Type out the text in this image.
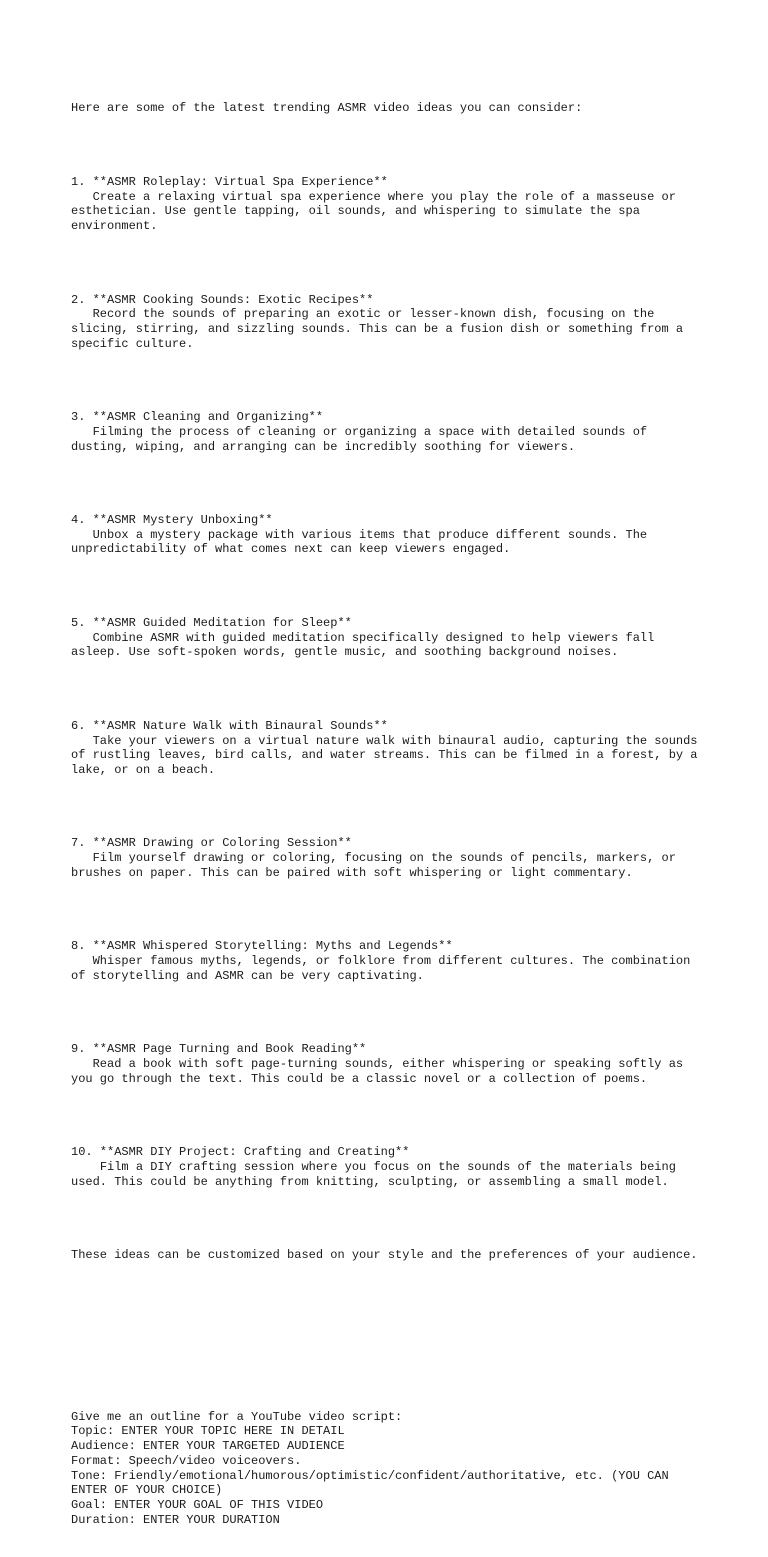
Here are some of the latest trending ASMR video ideas you can consider:

1. **ASMR Roleplay: Virtual Spa Experience**
Create a relaxing virtual spa experience where you play the role of a masseuse or esthetician. Use gentle tapping, oil sounds, and whispering to simulate the spa environment.

2. **ASMR Cooking Sounds: Exotic Recipes**
Record the sounds of preparing an exotic or lesser-known dish, focusing on the slicing, stirring, and sizzling sounds. This can be a fusion dish or something from a specific culture.

3. **ASMR Cleaning and Organizing**
Filming the process of cleaning or organizing a space with detailed sounds of dusting, wiping, and arranging can be incredibly soothing for viewers.

4. **ASMR Mystery Unboxing**
Unbox a mystery package with various items that produce different sounds. The unpredictability of what comes next can keep viewers engaged.

5. **ASMR Guided Meditation for Sleep**
Combine ASMR with guided meditation specifically designed to help viewers fall asleep. Use soft-spoken words, gentle music, and soothing background noises.

6. **ASMR Nature Walk with Binaural Sounds**
Take your viewers on a virtual nature walk with binaural audio, capturing the sounds of rustling leaves, bird calls, and water streams. This can be filmed in a forest, by a lake, or on a beach.

7. **ASMR Drawing or Coloring Session**
Film yourself drawing or coloring, focusing on the sounds of pencils, markers, or brushes on paper. This can be paired with soft whispering or light commentary.

8. **ASMR Whispered Storytelling: Myths and Legends**
Whisper famous myths, legends, or folklore from different cultures. The combination of storytelling and ASMR can be very captivating.

9. **ASMR Page Turning and Book Reading**
Read a book with soft page-turning sounds, either whispering or speaking softly as you go through the text. This could be a classic novel or a collection of poems.

10. **ASMR DIY Project: Crafting and Creating**
Film a DIY crafting session where you focus on the sounds of the materials being used. This could be anything from knitting, sculpting, or assembling a small model.

These ideas can be customized based on your style and the preferences of your audience.

Give me an outline for a YouTube video script:
Topic: ENTER YOUR TOPIC HERE IN DETAIL
Audience: ENTER YOUR TARGETED AUDIENCE
Format: Speech/video voiceovers.
Tone: Friendly/emotional/humorous/optimistic/confident/authoritative, etc. (YOU CAN ENTER OF YOUR CHOICE)
Goal: ENTER YOUR GOAL OF THIS VIDEO
Duration: ENTER YOUR DURATION
